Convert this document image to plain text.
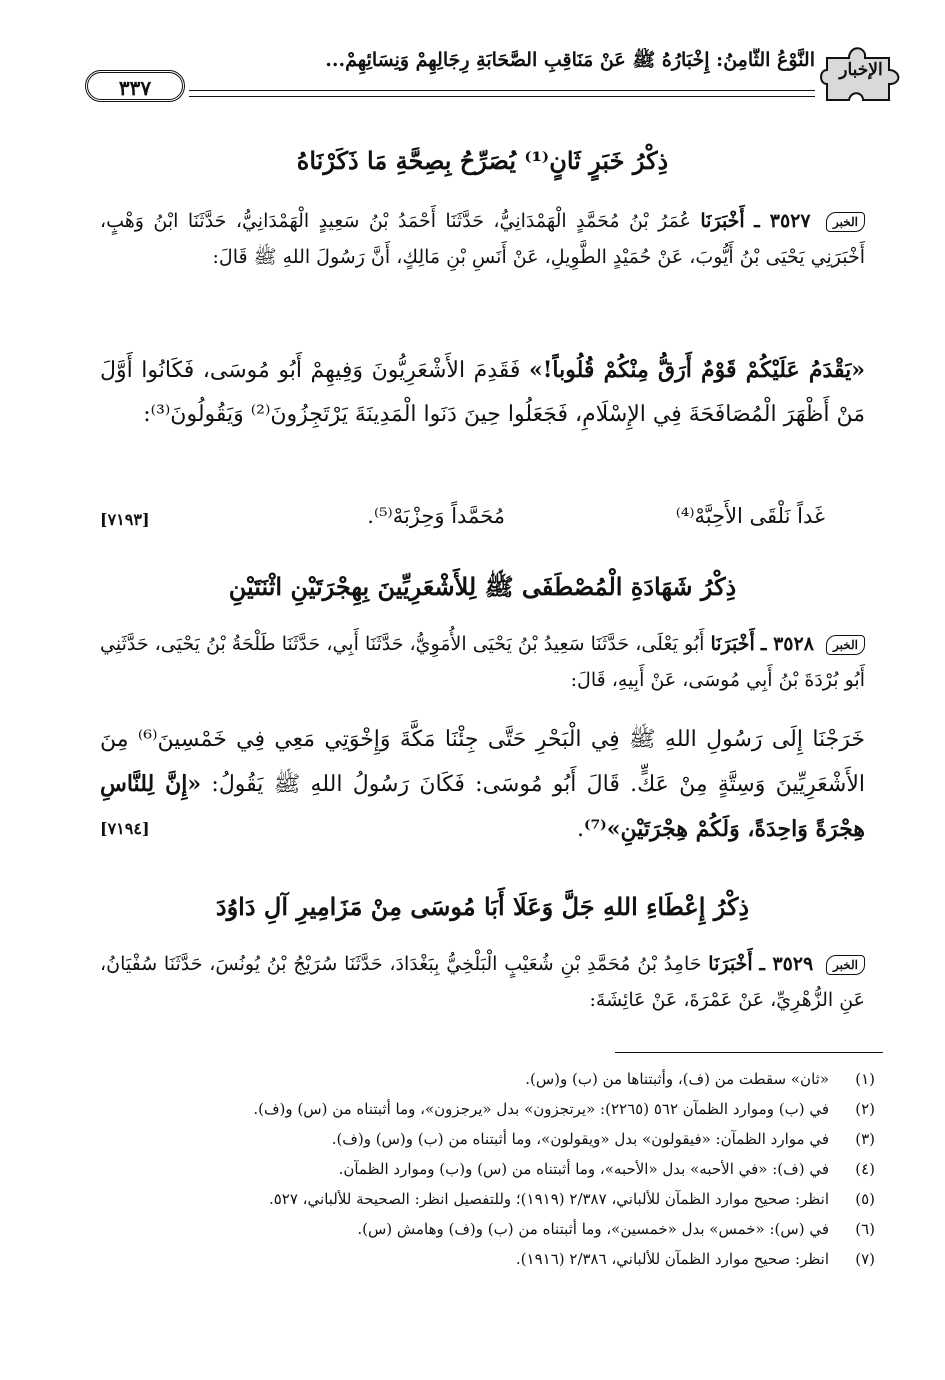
٣٣٧
النَّوْعُ الثَّامِنُ: إِخْبَارُهُ ﷺ عَنْ مَنَاقِبِ الصَّحَابَةِ رِجَالِهِمْ وَنِسَائِهِمْ...	الإخبار
ذِكْرُ خَبَرٍ ثَانٍ⁽¹⁾ يُصَرِّحُ بِصِحَّةِ مَا ذَكَرْنَاهُ
الخبر ٣٥٢٧ ـ أَخْبَرَنَا عُمَرُ بْنُ مُحَمَّدٍ الْهَمْدَانِيُّ، حَدَّثَنَا أَحْمَدُ بْنُ سَعِيدٍ الْهَمْدَانِيُّ، حَدَّثَنَا ابْنُ وَهْبٍ، أَخْبَرَنِي يَحْيَى بْنُ أَيُّوبَ، عَنْ حُمَيْدٍ الطَّوِيلِ، عَنْ أَنَسِ بْنِ مَالِكٍ، أَنَّ رَسُولَ اللهِ ﷺ قَالَ:
«يَقْدَمُ عَلَيْكُمْ قَوْمٌ أَرَقُّ مِنْكُمْ قُلُوباً!» فَقَدِمَ الأَشْعَرِيُّونَ وَفِيهِمْ أَبُو مُوسَى، فَكَانُوا أَوَّلَ مَنْ أَظْهَرَ الْمُصَافَحَةَ فِي الإِسْلَامِ، فَجَعَلُوا حِينَ دَنَوا الْمَدِينَةَ يَرْتَجِزُونَ⁽²⁾ وَيَقُولُونَ⁽³⁾:
غَداً نَلْقَى الأَحِبَّهْ⁽⁴⁾
مُحَمَّداً وَحِزْبَهْ⁽⁵⁾.
[٧١٩٣]
ذِكْرُ شَهَادَةِ الْمُصْطَفَى ﷺ لِلأَشْعَرِيِّينَ بِهِجْرَتَيْنِ اثْنَتَيْنِ
الخبر ٣٥٢٨ ـ أَخْبَرَنَا أَبُو يَعْلَى، حَدَّثَنَا سَعِيدُ بْنُ يَحْيَى الأُمَوِيُّ، حَدَّثَنَا أَبِي، حَدَّثَنَا طَلْحَةُ بْنُ يَحْيَى، حَدَّثَنِي أَبُو بُرْدَةَ بْنُ أَبِي مُوسَى، عَنْ أَبِيهِ، قَالَ:
خَرَجْنَا إِلَى رَسُولِ اللهِ ﷺ فِي الْبَحْرِ حَتَّى جِئْنَا مَكَّةَ وَإِخْوَتِي مَعِي فِي خَمْسِينَ⁽⁶⁾ مِنَ الأَشْعَرِيِّينَ وَسِتَّةٍ مِنْ عَكٍّ. قَالَ أَبُو مُوسَى: فَكَانَ رَسُولُ اللهِ ﷺ يَقُولُ: «إِنَّ لِلنَّاسِ هِجْرَةً وَاحِدَةً، وَلَكُمْ هِجْرَتَيْنِ»⁽⁷⁾.
[٧١٩٤]
ذِكْرُ إِعْطَاءِ اللهِ جَلَّ وَعَلَا أَبَا مُوسَى مِنْ مَزَامِيرِ آلِ دَاوُدَ
الخبر ٣٥٢٩ ـ أَخْبَرَنَا حَامِدُ بْنُ مُحَمَّدِ بْنِ شُعَيْبٍ الْبَلْخِيُّ بِبَغْدَادَ، حَدَّثَنَا سُرَيْجُ بْنُ يُونُسَ، حَدَّثَنَا سُفْيَانُ، عَنِ الزُّهْرِيِّ، عَنْ عَمْرَةَ، عَنْ عَائِشَةَ:
(١)
«ثان» سقطت من (ف)، وأثبتناها من (ب) و(س).
(٢)
في (ب) وموارد الظمآن ٥٦٢ (٢٢٦٥): «يرتجزون» بدل «يرجزون»، وما أثبتناه من (س) و(ف).
(٣)
في موارد الظمآن: «فيقولون» بدل «ويقولون»، وما أثبتناه من (ب) و(س) و(ف).
(٤)
في (ف): «في الأحبه» بدل «الأحبه»، وما أثبتناه من (س) و(ب) وموارد الظمآن.
(٥)
انظر: صحيح موارد الظمآن للألباني، ٢/٣٨٧ (١٩١٩)؛ وللتفصيل انظر: الصحيحة للألباني، ٥٢٧.
(٦)
في (س): «خمس» بدل «خمسين»، وما أثبتناه من (ب) و(ف) وهامش (س).
(٧)
انظر: صحيح موارد الظمآن للألباني، ٢/٣٨٦ (١٩١٦).
